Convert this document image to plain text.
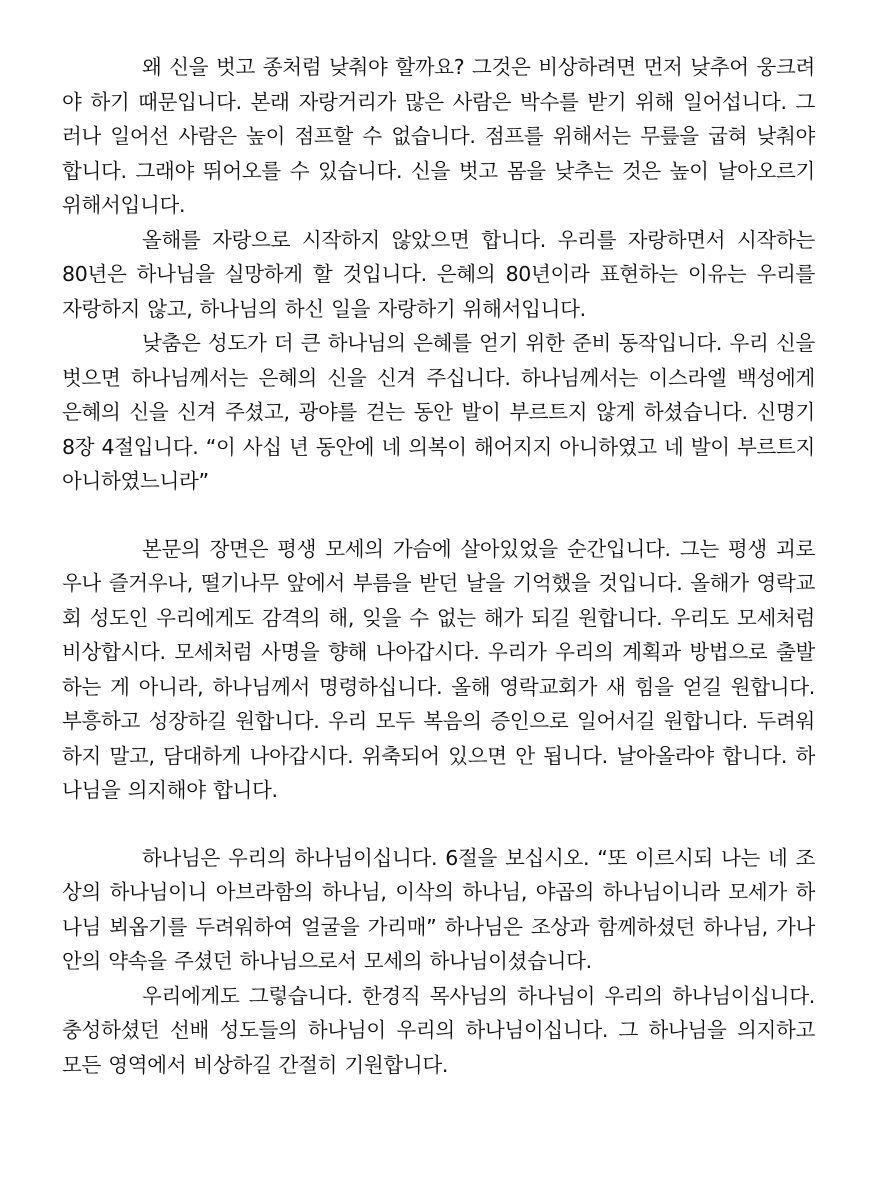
왜 신을 벗고 종처럼 낮춰야 할까요? 그것은 비상하려면 먼저 낮추어 웅크려야 하기 때문입니다. 본래 자랑거리가 많은 사람은 박수를 받기 위해 일어섭니다. 그러나 일어선 사람은 높이 점프할 수 없습니다. 점프를 위해서는 무릎을 굽혀 낮춰야 합니다. 그래야 뛰어오를 수 있습니다. 신을 벗고 몸을 낮추는 것은 높이 날아오르기 위해서입니다.

올해를 자랑으로 시작하지 않았으면 합니다. 우리를 자랑하면서 시작하는 80년은 하나님을 실망하게 할 것입니다. 은혜의 80년이라 표현하는 이유는 우리를 자랑하지 않고, 하나님의 하신 일을 자랑하기 위해서입니다.

낮춤은 성도가 더 큰 하나님의 은혜를 얻기 위한 준비 동작입니다. 우리 신을 벗으면 하나님께서는 은혜의 신을 신겨 주십니다. 하나님께서는 이스라엘 백성에게 은혜의 신을 신겨 주셨고, 광야를 걷는 동안 발이 부르트지 않게 하셨습니다. 신명기 8장 4절입니다. “이 사십 년 동안에 네 의복이 해어지지 아니하였고 네 발이 부르트지 아니하였느니라”

본문의 장면은 평생 모세의 가슴에 살아있었을 순간입니다. 그는 평생 괴로우나 즐거우나, 떨기나무 앞에서 부름을 받던 날을 기억했을 것입니다. 올해가 영락교회 성도인 우리에게도 감격의 해, 잊을 수 없는 해가 되길 원합니다. 우리도 모세처럼 비상합시다. 모세처럼 사명을 향해 나아갑시다. 우리가 우리의 계획과 방법으로 출발하는 게 아니라, 하나님께서 명령하십니다. 올해 영락교회가 새 힘을 얻길 원합니다. 부흥하고 성장하길 원합니다. 우리 모두 복음의 증인으로 일어서길 원합니다. 두려워하지 말고, 담대하게 나아갑시다. 위축되어 있으면 안 됩니다. 날아올라야 합니다. 하나님을 의지해야 합니다.

하나님은 우리의 하나님이십니다. 6절을 보십시오. “또 이르시되 나는 네 조상의 하나님이니 아브라함의 하나님, 이삭의 하나님, 야곱의 하나님이니라 모세가 하나님 뵈옵기를 두려워하여 얼굴을 가리매” 하나님은 조상과 함께하셨던 하나님, 가나안의 약속을 주셨던 하나님으로서 모세의 하나님이셨습니다.

우리에게도 그렇습니다. 한경직 목사님의 하나님이 우리의 하나님이십니다. 충성하셨던 선배 성도들의 하나님이 우리의 하나님이십니다. 그 하나님을 의지하고 모든 영역에서 비상하길 간절히 기원합니다.
